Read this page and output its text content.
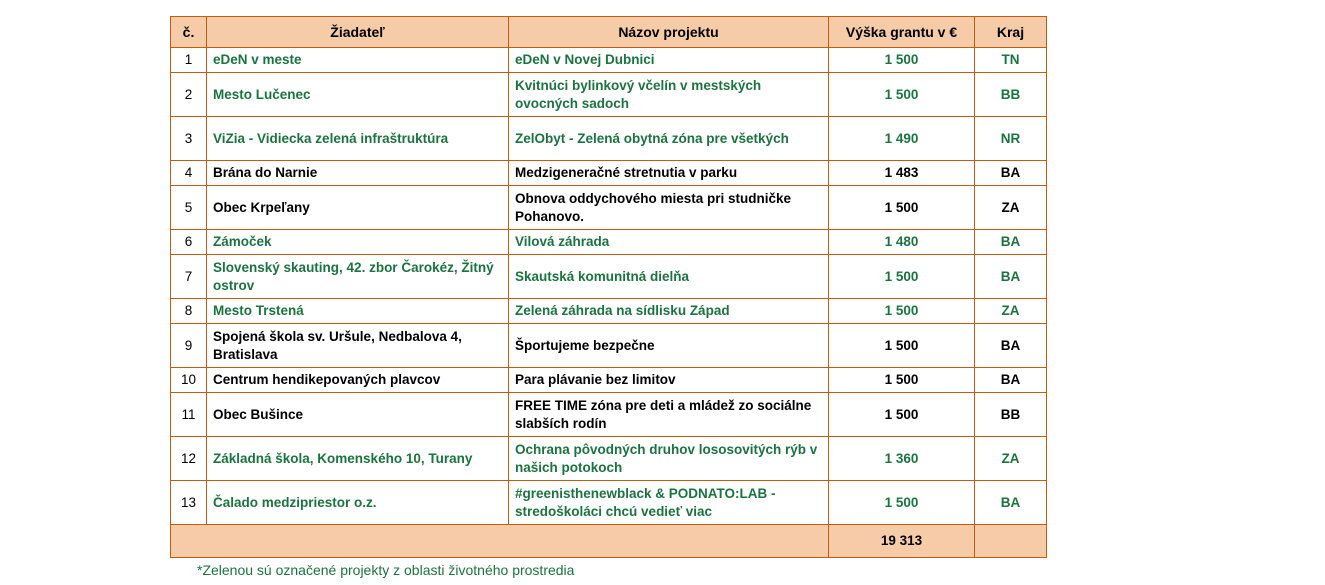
č.	Žiadateľ	Názov projektu	Výška grantu v €	Kraj
1	eDeN v meste	eDeN v Novej Dubnici	1 500	TN
2	Mesto Lučenec	Kvitnúci bylinkový včelín v mestských ovocných sadoch	1 500	BB
3	ViZia - Vidiecka zelená infraštruktúra	ZelObyt - Zelená obytná zóna pre všetkých	1 490	NR
4	Brána do Narnie	Medzigeneračné stretnutia v parku	1 483	BA
5	Obec Krpeľany	Obnova oddychového miesta pri studničke Pohanovo.	1 500	ZA
6	Zámoček	Vilová záhrada	1 480	BA
7	Slovenský skauting, 42. zbor Čarokéz, Žitný ostrov	Skautská komunitná dielňa	1 500	BA
8	Mesto Trstená	Zelená záhrada na sídlisku Západ	1 500	ZA
9	Spojená škola sv. Uršule, Nedbalova 4, Bratislava	Športujeme bezpečne	1 500	BA
10	Centrum hendikepovaných plavcov	Para plávanie bez limitov	1 500	BA
11	Obec Bušince	FREE TIME zóna pre deti a mládež zo sociálne slabších rodín	1 500	BB
12	Základná škola, Komenského 10, Turany	Ochrana pôvodných druhov lososovitých rýb v našich potokoch	1 360	ZA
13	Čalado medzipriestor o.z.	#greenisthenewblack & PODNATO:LAB - stredoškoláci chcú vedieť viac	1 500	BA
			19 313	
*Zelenou sú označené projekty z oblasti životného prostredia
